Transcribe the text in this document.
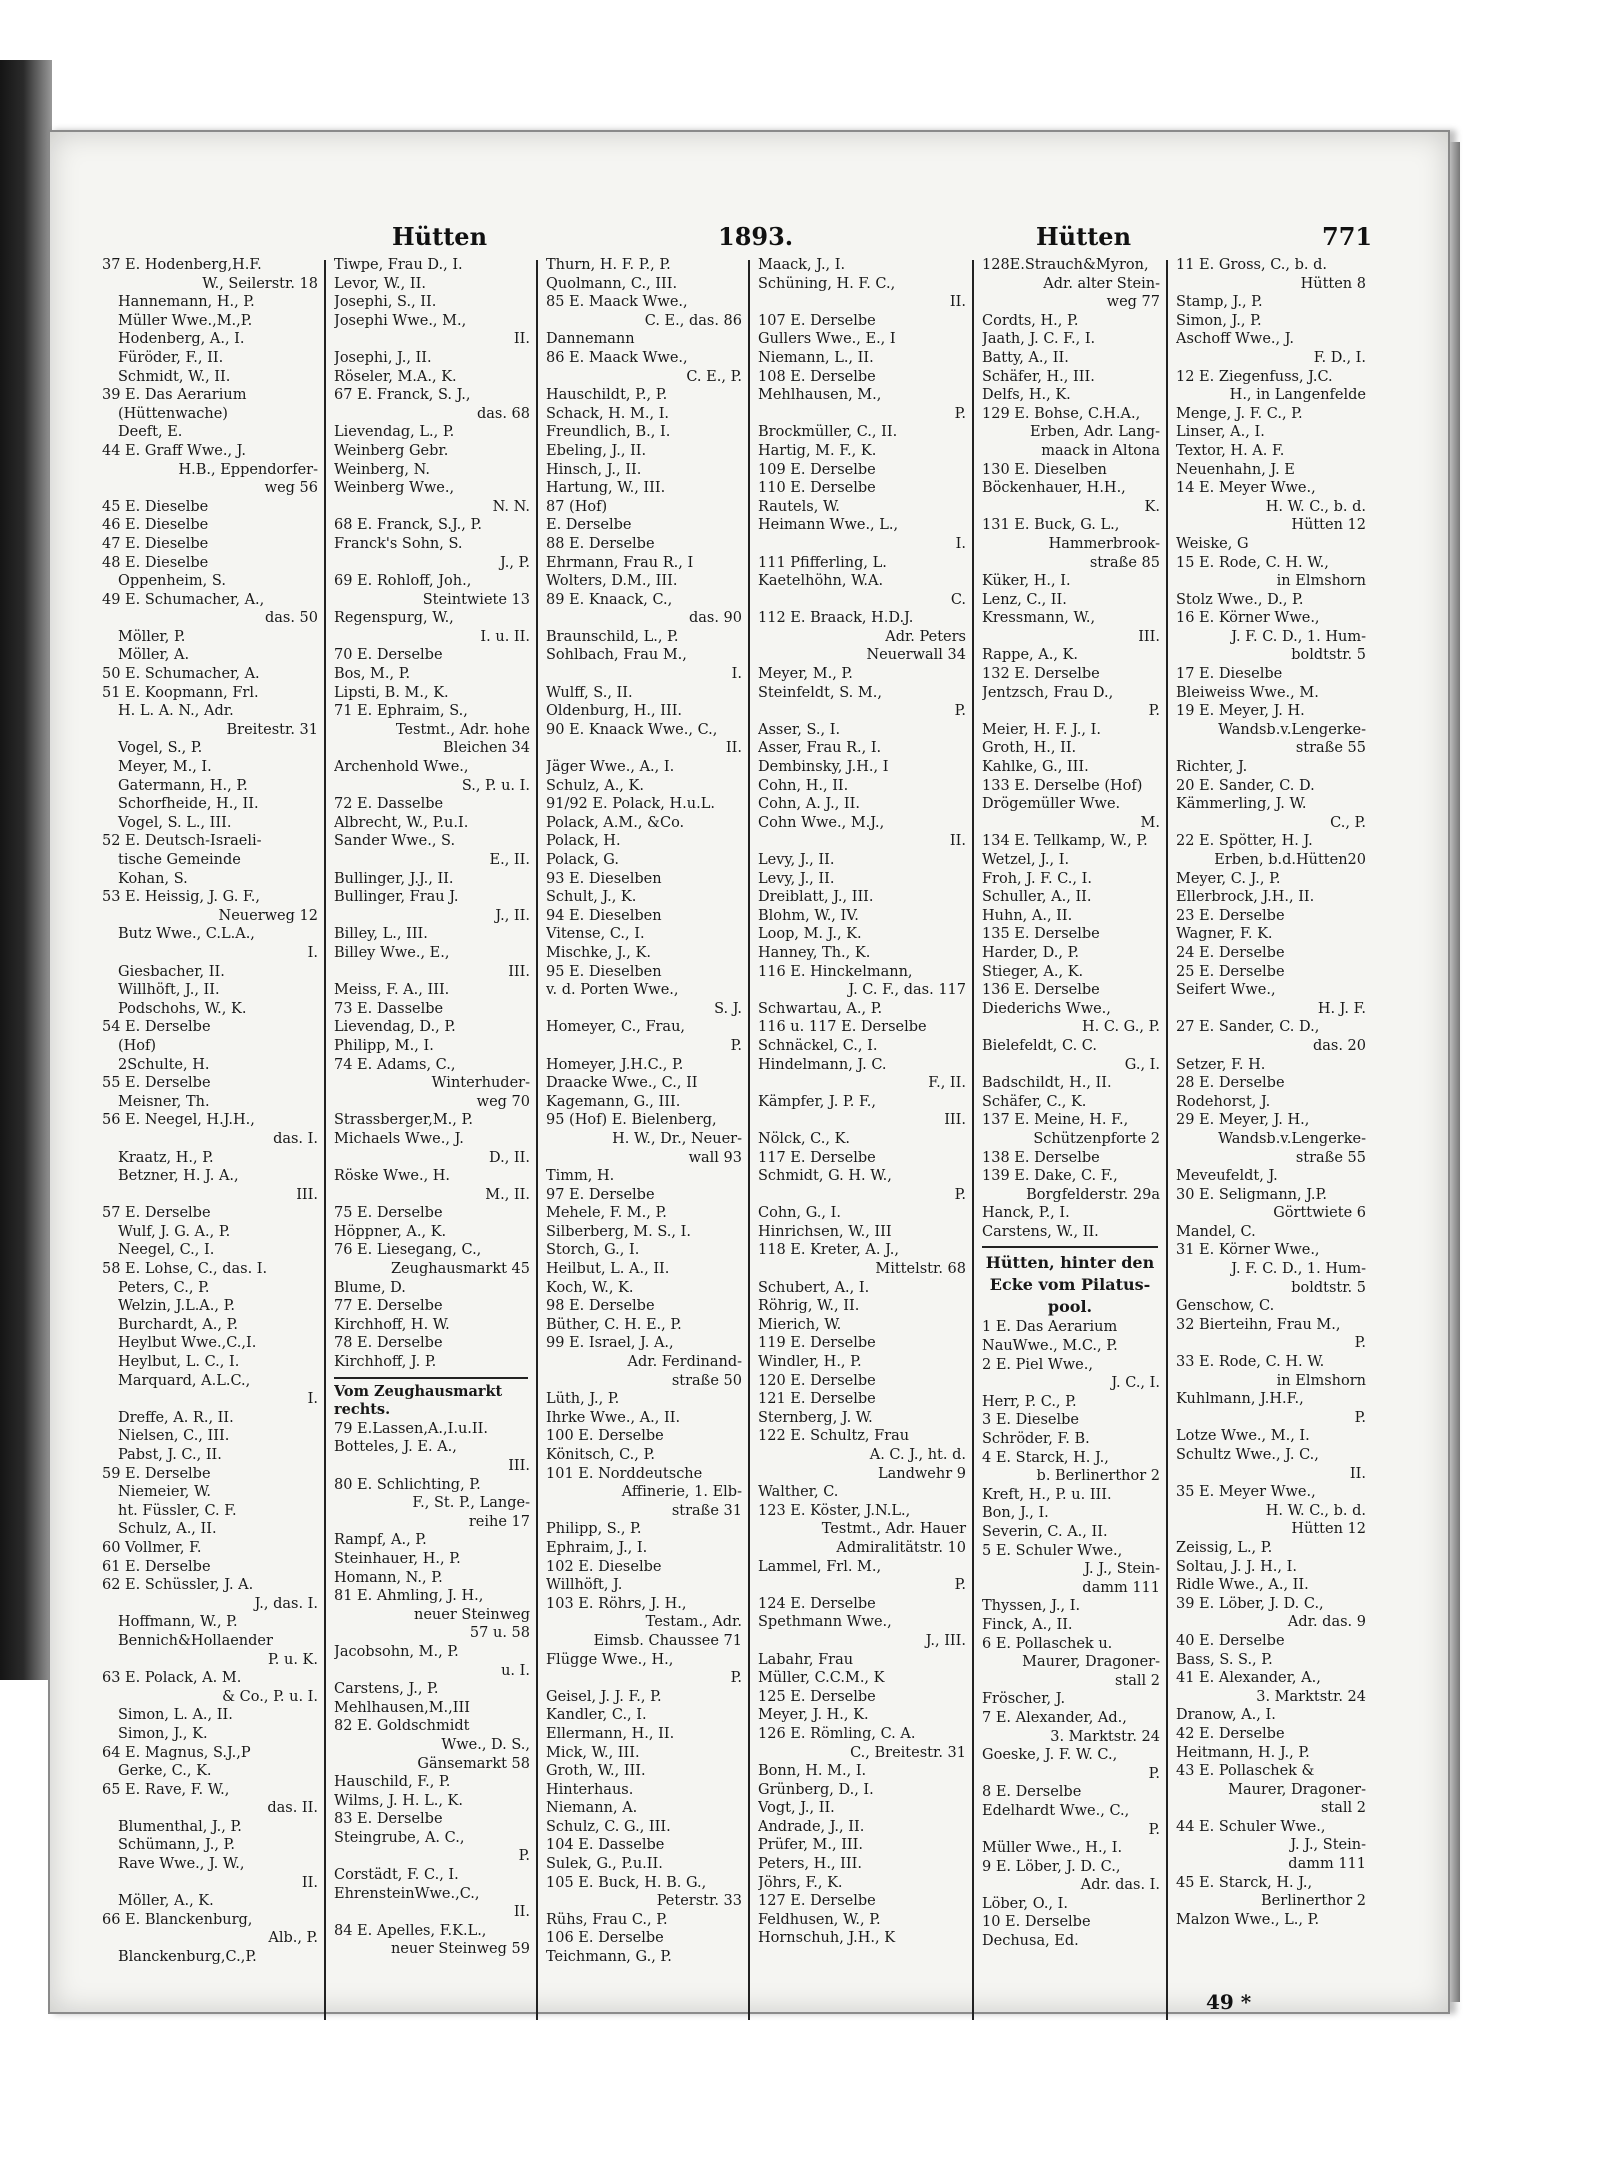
Hütten	1893.	Hütten	771
37 E. Hodenberg,H.F.
W., Seilerstr. 18
Hannemann, H., P.
Müller Wwe.,M.,P.
Hodenberg, A., I.
Füröder, F., II.
Schmidt, W., II.
39 E. Das Aerarium
(Hüttenwache)
Deeft, E.
44 E. Graff Wwe., J.
H.B., Eppendorfer-
weg 56
45 E. Dieselbe
46 E. Dieselbe
47 E. Dieselbe
48 E. Dieselbe
Oppenheim, S.
49 E. Schumacher, A.,
das. 50
Möller, P.
Möller, A.
50 E. Schumacher, A.
51 E. Koopmann, Frl.
H. L. A. N., Adr.
Breitestr. 31
Vogel, S., P.
Meyer, M., I.
Gatermann, H., P.
Schorfheide, H., II.
Vogel, S. L., III.
52 E. Deutsch-Israeli-
tische Gemeinde
Kohan, S.
53 E. Heissig, J. G. F.,
Neuerweg 12
Butz Wwe., C.L.A.,
I.
Giesbacher, II.
Willhöft, J., II.
Podschohs, W., K.
54 E. Derselbe
(Hof)
2Schulte, H.
55 E. Derselbe
Meisner, Th.
56 E. Neegel, H.J.H.,
das. I.
Kraatz, H., P.
Betzner, H. J. A.,
III.
57 E. Derselbe
Wulf, J. G. A., P.
Neegel, C., I.
58 E. Lohse, C., das. I.
Peters, C., P.
Welzin, J.L.A., P.
Burchardt, A., P.
Heylbut Wwe.,C.,I.
Heylbut, L. C., I.
Marquard, A.L.C.,
I.
Dreffe, A. R., II.
Nielsen, C., III.
Pabst, J. C., II.
59 E. Derselbe
Niemeier, W.
ht. Füssler, C. F.
Schulz, A., II.
60 Vollmer, F.
61 E. Derselbe
62 E. Schüssler, J. A.
J., das. I.
Hoffmann, W., P.
Bennich&Hollaender
P. u. K.
63 E. Polack, A. M.
& Co., P. u. I.
Simon, L. A., II.
Simon, J., K.
64 E. Magnus, S.J.,P
Gerke, C., K.
65 E. Rave, F. W.,
das. II.
Blumenthal, J., P.
Schümann, J., P.
Rave Wwe., J. W.,
II.
Möller, A., K.
66 E. Blanckenburg,
Alb., P.
Blanckenburg,C.,P.
Tiwpe, Frau D., I.
Levor, W., II.
Josephi, S., II.
Josephi Wwe., M.,
II.
Josephi, J., II.
Röseler, M.A., K.
67 E. Franck, S. J.,
das. 68
Lievendag, L., P.
Weinberg Gebr.
Weinberg, N.
Weinberg Wwe.,
N. N.
68 E. Franck, S.J., P.
Franck's Sohn, S.
J., P.
69 E. Rohloff, Joh.,
Steintwiete 13
Regenspurg, W.,
I. u. II.
70 E. Derselbe
Bos, M., P.
Lipsti, B. M., K.
71 E. Ephraim, S.,
Testmt., Adr. hohe
Bleichen 34
Archenhold Wwe.,
S., P. u. I.
72 E. Dasselbe
Albrecht, W., P.u.I.
Sander Wwe., S.
E., II.
Bullinger, J.J., II.
Bullinger, Frau J.
J., II.
Billey, L., III.
Billey Wwe., E.,
III.
Meiss, F. A., III.
73 E. Dasselbe
Lievendag, D., P.
Philipp, M., I.
74 E. Adams, C.,
Winterhuder-
weg 70
Strassberger,M., P.
Michaels Wwe., J.
D., II.
Röske Wwe., H.
M., II.
75 E. Derselbe
Höppner, A., K.
76 E. Liesegang, C.,
Zeughausmarkt 45
Blume, D.
77 E. Derselbe
Kirchhoff, H. W.
78 E. Derselbe
Kirchhoff, J. P.
Vom Zeughausmarkt
rechts.
79 E.Lassen,A.,I.u.II.
Botteles, J. E. A.,
III.
80 E. Schlichting, P.
F., St. P., Lange-
reihe 17
Rampf, A., P.
Steinhauer, H., P.
Homann, N., P.
81 E. Ahmling, J. H.,
neuer Steinweg
57 u. 58
Jacobsohn, M., P.
u. I.
Carstens, J., P.
Mehlhausen,M.,III
82 E. Goldschmidt
Wwe., D. S.,
Gänsemarkt 58
Hauschild, F., P.
Wilms, J. H. L., K.
83 E. Derselbe
Steingrube, A. C.,
P.
Corstädt, F. C., I.
EhrensteinWwe.,C.,
II.
84 E. Apelles, F.K.L.,
neuer Steinweg 59
Thurn, H. F. P., P.
Quolmann, C., III.
85 E. Maack Wwe.,
C. E., das. 86
Dannemann
86 E. Maack Wwe.,
C. E., P.
Hauschildt, P., P.
Schack, H. M., I.
Freundlich, B., I.
Ebeling, J., II.
Hinsch, J., II.
Hartung, W., III.
87 (Hof)
E. Derselbe
88 E. Derselbe
Ehrmann, Frau R., I
Wolters, D.M., III.
89 E. Knaack, C.,
das. 90
Braunschild, L., P.
Sohlbach, Frau M.,
I.
Wulff, S., II.
Oldenburg, H., III.
90 E. Knaack Wwe., C.,
II.
Jäger Wwe., A., I.
Schulz, A., K.
91/92 E. Polack, H.u.L.
Polack, A.M., &Co.
Polack, H.
Polack, G.
93 E. Dieselben
Schult, J., K.
94 E. Dieselben
Vitense, C., I.
Mischke, J., K.
95 E. Dieselben
v. d. Porten Wwe.,
S. J.
Homeyer, C., Frau,
P.
Homeyer, J.H.C., P.
Draacke Wwe., C., II
Kagemann, G., III.
95 (Hof) E. Bielenberg,
H. W., Dr., Neuer-
wall 93
Timm, H.
97 E. Derselbe
Mehele, F. M., P.
Silberberg, M. S., I.
Storch, G., I.
Heilbut, L. A., II.
Koch, W., K.
98 E. Derselbe
Büther, C. H. E., P.
99 E. Israel, J. A.,
Adr. Ferdinand-
straße 50
Lüth, J., P.
Ihrke Wwe., A., II.
100 E. Derselbe
Könitsch, C., P.
101 E. Norddeutsche
Affinerie, 1. Elb-
straße 31
Philipp, S., P.
Ephraim, J., I.
102 E. Dieselbe
Willhöft, J.
103 E. Röhrs, J. H.,
Testam., Adr.
Eimsb. Chaussee 71
Flügge Wwe., H.,
P.
Geisel, J. J. F., P.
Kandler, C., I.
Ellermann, H., II.
Mick, W., III.
Groth, W., III.
Hinterhaus.
Niemann, A.
Schulz, C. G., III.
104 E. Dasselbe
Sulek, G., P.u.II.
105 E. Buck, H. B. G.,
Peterstr. 33
Rühs, Frau C., P.
106 E. Derselbe
Teichmann, G., P.
Maack, J., I.
Schüning, H. F. C.,
II.
107 E. Derselbe
Gullers Wwe., E., I
Niemann, L., II.
108 E. Derselbe
Mehlhausen, M.,
P.
Brockmüller, C., II.
Hartig, M. F., K.
109 E. Derselbe
110 E. Derselbe
Rautels, W.
Heimann Wwe., L.,
I.
111 Pfifferling, L.
Kaetelhöhn, W.A.
C.
112 E. Braack, H.D.J.
Adr. Peters
Neuerwall 34
Meyer, M., P.
Steinfeldt, S. M.,
P.
Asser, S., I.
Asser, Frau R., I.
Dembinsky, J.H., I
Cohn, H., II.
Cohn, A. J., II.
Cohn Wwe., M.J.,
II.
Levy, J., II.
Levy, J., II.
Dreiblatt, J., III.
Blohm, W., IV.
Loop, M. J., K.
Hanney, Th., K.
116 E. Hinckelmann,
J. C. F., das. 117
Schwartau, A., P.
116 u. 117 E. Derselbe
Schnäckel, C., I.
Hindelmann, J. C.
F., II.
Kämpfer, J. P. F.,
III.
Nölck, C., K.
117 E. Derselbe
Schmidt, G. H. W.,
P.
Cohn, G., I.
Hinrichsen, W., III
118 E. Kreter, A. J.,
Mittelstr. 68
Schubert, A., I.
Röhrig, W., II.
Mierich, W.
119 E. Derselbe
Windler, H., P.
120 E. Derselbe
121 E. Derselbe
Sternberg, J. W.
122 E. Schultz, Frau
A. C. J., ht. d.
Landwehr 9
Walther, C.
123 E. Köster, J.N.L.,
Testmt., Adr. Hauer
Admiralitätstr. 10
Lammel, Frl. M.,
P.
124 E. Derselbe
Spethmann Wwe.,
J., III.
Labahr, Frau
Müller, C.C.M., K
125 E. Derselbe
Meyer, J. H., K.
126 E. Römling, C. A.
C., Breitestr. 31
Bonn, H. M., I.
Grünberg, D., I.
Vogt, J., II.
Andrade, J., II.
Prüfer, M., III.
Peters, H., III.
Jöhrs, F., K.
127 E. Derselbe
Feldhusen, W., P.
Hornschuh, J.H., K
128E.Strauch&Myron,
Adr. alter Stein-
weg 77
Cordts, H., P.
Jaath, J. C. F., I.
Batty, A., II.
Schäfer, H., III.
Delfs, H., K.
129 E. Bohse, C.H.A.,
Erben, Adr. Lang-
maack in Altona
130 E. Dieselben
Böckenhauer, H.H.,
K.
131 E. Buck, G. L.,
Hammerbrook-
straße 85
Küker, H., I.
Lenz, C., II.
Kressmann, W.,
III.
Rappe, A., K.
132 E. Derselbe
Jentzsch, Frau D.,
P.
Meier, H. F. J., I.
Groth, H., II.
Kahlke, G., III.
133 E. Derselbe (Hof)
Drögemüller Wwe.
M.
134 E. Tellkamp, W., P.
Wetzel, J., I.
Froh, J. F. C., I.
Schuller, A., II.
Huhn, A., II.
135 E. Derselbe
Harder, D., P.
Stieger, A., K.
136 E. Derselbe
Diederichs Wwe.,
H. C. G., P.
Bielefeldt, C. C.
G., I.
Badschildt, H., II.
Schäfer, C., K.
137 E. Meine, H. F.,
Schützenpforte 2
138 E. Derselbe
139 E. Dake, C. F.,
Borgfelderstr. 29a
Hanck, P., I.
Carstens, W., II.
Hütten, hinter den
Ecke vom Pilatus-
pool.
1 E. Das Aerarium
NauWwe., M.C., P.
2 E. Piel Wwe.,
J. C., I.
Herr, P. C., P.
3 E. Dieselbe
Schröder, F. B.
4 E. Starck, H. J.,
b. Berlinerthor 2
Kreft, H., P. u. III.
Bon, J., I.
Severin, C. A., II.
5 E. Schuler Wwe.,
J. J., Stein-
damm 111
Thyssen, J., I.
Finck, A., II.
6 E. Pollaschek u.
Maurer, Dragoner-
stall 2
Fröscher, J.
7 E. Alexander, Ad.,
3. Marktstr. 24
Goeske, J. F. W. C.,
P.
8 E. Derselbe
Edelhardt Wwe., C.,
P.
Müller Wwe., H., I.
9 E. Löber, J. D. C.,
Adr. das. I.
Löber, O., I.
10 E. Derselbe
Dechusa, Ed.
11 E. Gross, C., b. d.
Hütten 8
Stamp, J., P.
Simon, J., P.
Aschoff Wwe., J.
F. D., I.
12 E. Ziegenfuss, J.C.
H., in Langenfelde
Menge, J. F. C., P.
Linser, A., I.
Textor, H. A. F.
Neuenhahn, J. E
14 E. Meyer Wwe.,
H. W. C., b. d.
Hütten 12
Weiske, G
15 E. Rode, C. H. W.,
in Elmshorn
Stolz Wwe., D., P.
16 E. Körner Wwe.,
J. F. C. D., 1. Hum-
boldtstr. 5
17 E. Dieselbe
Bleiweiss Wwe., M.
19 E. Meyer, J. H.
Wandsb.v.Lengerke-
straße 55
Richter, J.
20 E. Sander, C. D.
Kämmerling, J. W.
C., P.
22 E. Spötter, H. J.
Erben, b.d.Hütten20
Meyer, C. J., P.
Ellerbrock, J.H., II.
23 E. Derselbe
Wagner, F. K.
24 E. Derselbe
25 E. Derselbe
Seifert Wwe.,
H. J. F.
27 E. Sander, C. D.,
das. 20
Setzer, F. H.
28 E. Derselbe
Rodehorst, J.
29 E. Meyer, J. H.,
Wandsb.v.Lengerke-
straße 55
Meveufeldt, J.
30 E. Seligmann, J.P.
Görttwiete 6
Mandel, C.
31 E. Körner Wwe.,
J. F. C. D., 1. Hum-
boldtstr. 5
Genschow, C.
32 Bierteihn, Frau M.,
P.
33 E. Rode, C. H. W.
in Elmshorn
Kuhlmann, J.H.F.,
P.
Lotze Wwe., M., I.
Schultz Wwe., J. C.,
II.
35 E. Meyer Wwe.,
H. W. C., b. d.
Hütten 12
Zeissig, L., P.
Soltau, J. J. H., I.
Ridle Wwe., A., II.
39 E. Löber, J. D. C.,
Adr. das. 9
40 E. Derselbe
Bass, S. S., P.
41 E. Alexander, A.,
3. Marktstr. 24
Dranow, A., I.
42 E. Derselbe
Heitmann, H. J., P.
43 E. Pollaschek &
Maurer, Dragoner-
stall 2
44 E. Schuler Wwe.,
J. J., Stein-
damm 111
45 E. Starck, H. J.,
Berlinerthor 2
Malzon Wwe., L., P.
49 *
